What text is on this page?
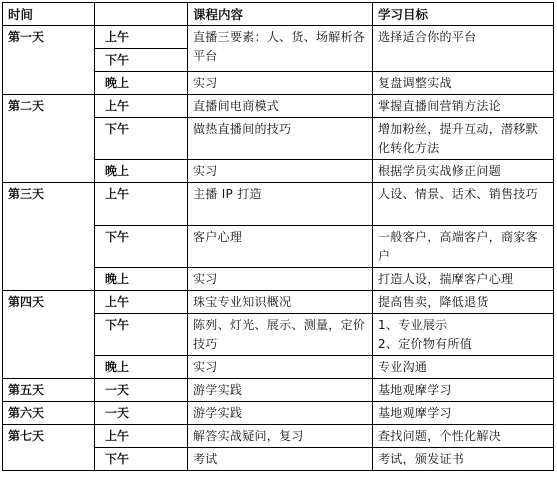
时间		课程内容	学习目标
第一天	上午	直播三要素：人、货、场解析各平台	选择适合你的平台
	下午		
	晚上	实习	复盘调整实战
第二天	上午	直播间电商模式	掌握直播间营销方法论
	下午	做热直播间的技巧	增加粉丝，提升互动，潜移默化转化方法
	晚上	实习	根据学员实战修正问题
第三天	上午	主播 IP 打造	人设、情景、话术、销售技巧
	下午	客户心理	一般客户，高端客户，商家客户
	晚上	实习	打造人设，揣摩客户心理
第四天	上午	珠宝专业知识概况	提高售卖，降低退货
	下午	陈列、灯光、展示、测量，定价技巧	1、专业展示
2、定价物有所值
	晚上	实习	专业沟通
第五天	一天	游学实践	基地观摩学习
第六天	一天	游学实践	基地观摩学习
第七天	上午	解答实战疑问，复习	查找问题，个性化解决
	下午	考试	考试，颁发证书
